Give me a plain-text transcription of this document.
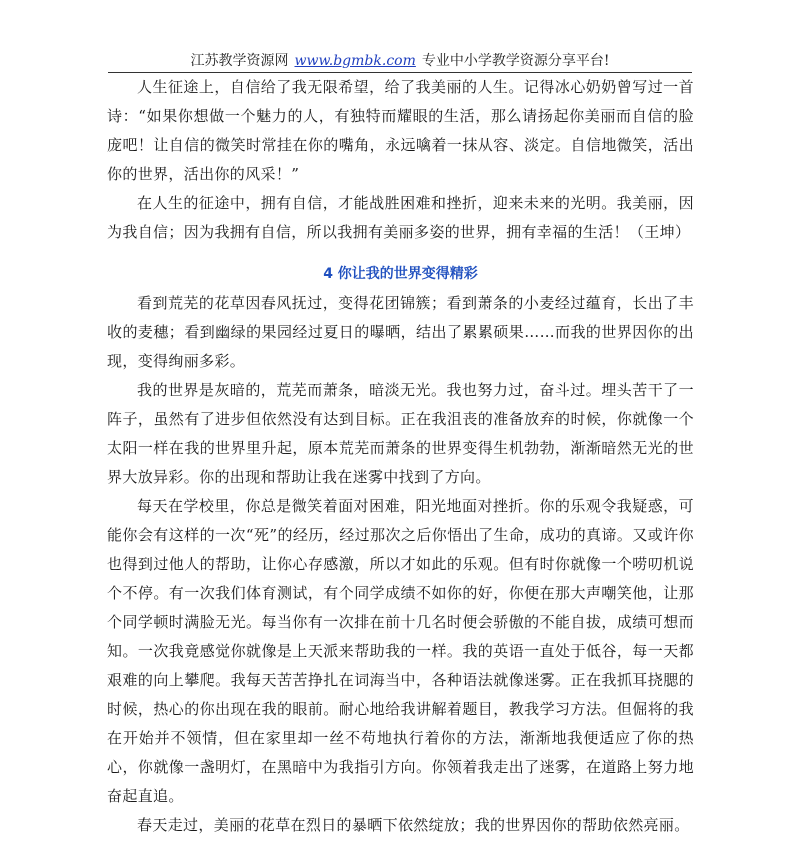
江苏教学资源网 www.bgmbk.com 专业中小学教学资源分享平台!

人生征途上，自信给了我无限希望，给了我美丽的人生。记得冰心奶奶曾写过一首诗：“如果你想做一个魅力的人，有独特而耀眼的生活，那么请扬起你美丽而自信的脸庞吧！让自信的微笑时常挂在你的嘴角，永远噙着一抹从容、淡定。自信地微笑，活出你的世界，活出你的风采！”

在人生的征途中，拥有自信，才能战胜困难和挫折，迎来未来的光明。我美丽，因为我自信；因为我拥有自信，所以我拥有美丽多姿的世界，拥有幸福的生活！（王坤）

4 你让我的世界变得精彩

看到荒芜的花草因春风抚过，变得花团锦簇；看到萧条的小麦经过蕴育，长出了丰收的麦穗；看到幽绿的果园经过夏日的曝晒，结出了累累硕果……而我的世界因你的出现，变得绚丽多彩。

我的世界是灰暗的，荒芜而萧条，暗淡无光。我也努力过，奋斗过。埋头苦干了一阵子，虽然有了进步但依然没有达到目标。正在我沮丧的准备放弃的时候，你就像一个太阳一样在我的世界里升起，原本荒芜而萧条的世界变得生机勃勃，渐渐暗然无光的世界大放异彩。你的出现和帮助让我在迷雾中找到了方向。

每天在学校里，你总是微笑着面对困难，阳光地面对挫折。你的乐观令我疑惑，可能你会有这样的一次“死”的经历，经过那次之后你悟出了生命，成功的真谛。又或许你也得到过他人的帮助，让你心存感激，所以才如此的乐观。但有时你就像一个唠叨机说个不停。有一次我们体育测试，有个同学成绩不如你的好，你便在那大声嘲笑他，让那个同学顿时满脸无光。每当你有一次排在前十几名时便会骄傲的不能自拔，成绩可想而知。一次我竟感觉你就像是上天派来帮助我的一样。我的英语一直处于低谷，每一天都艰难的向上攀爬。我每天苦苦挣扎在词海当中，各种语法就像迷雾。正在我抓耳挠腮的时候，热心的你出现在我的眼前。耐心地给我讲解着题目，教我学习方法。但倔将的我在开始并不领情，但在家里却一丝不苟地执行着你的方法，渐渐地我便适应了你的热心，你就像一盏明灯，在黑暗中为我指引方向。你领着我走出了迷雾，在道路上努力地奋起直追。

春天走过，美丽的花草在烈日的暴晒下依然绽放；我的世界因你的帮助依然亮丽。
